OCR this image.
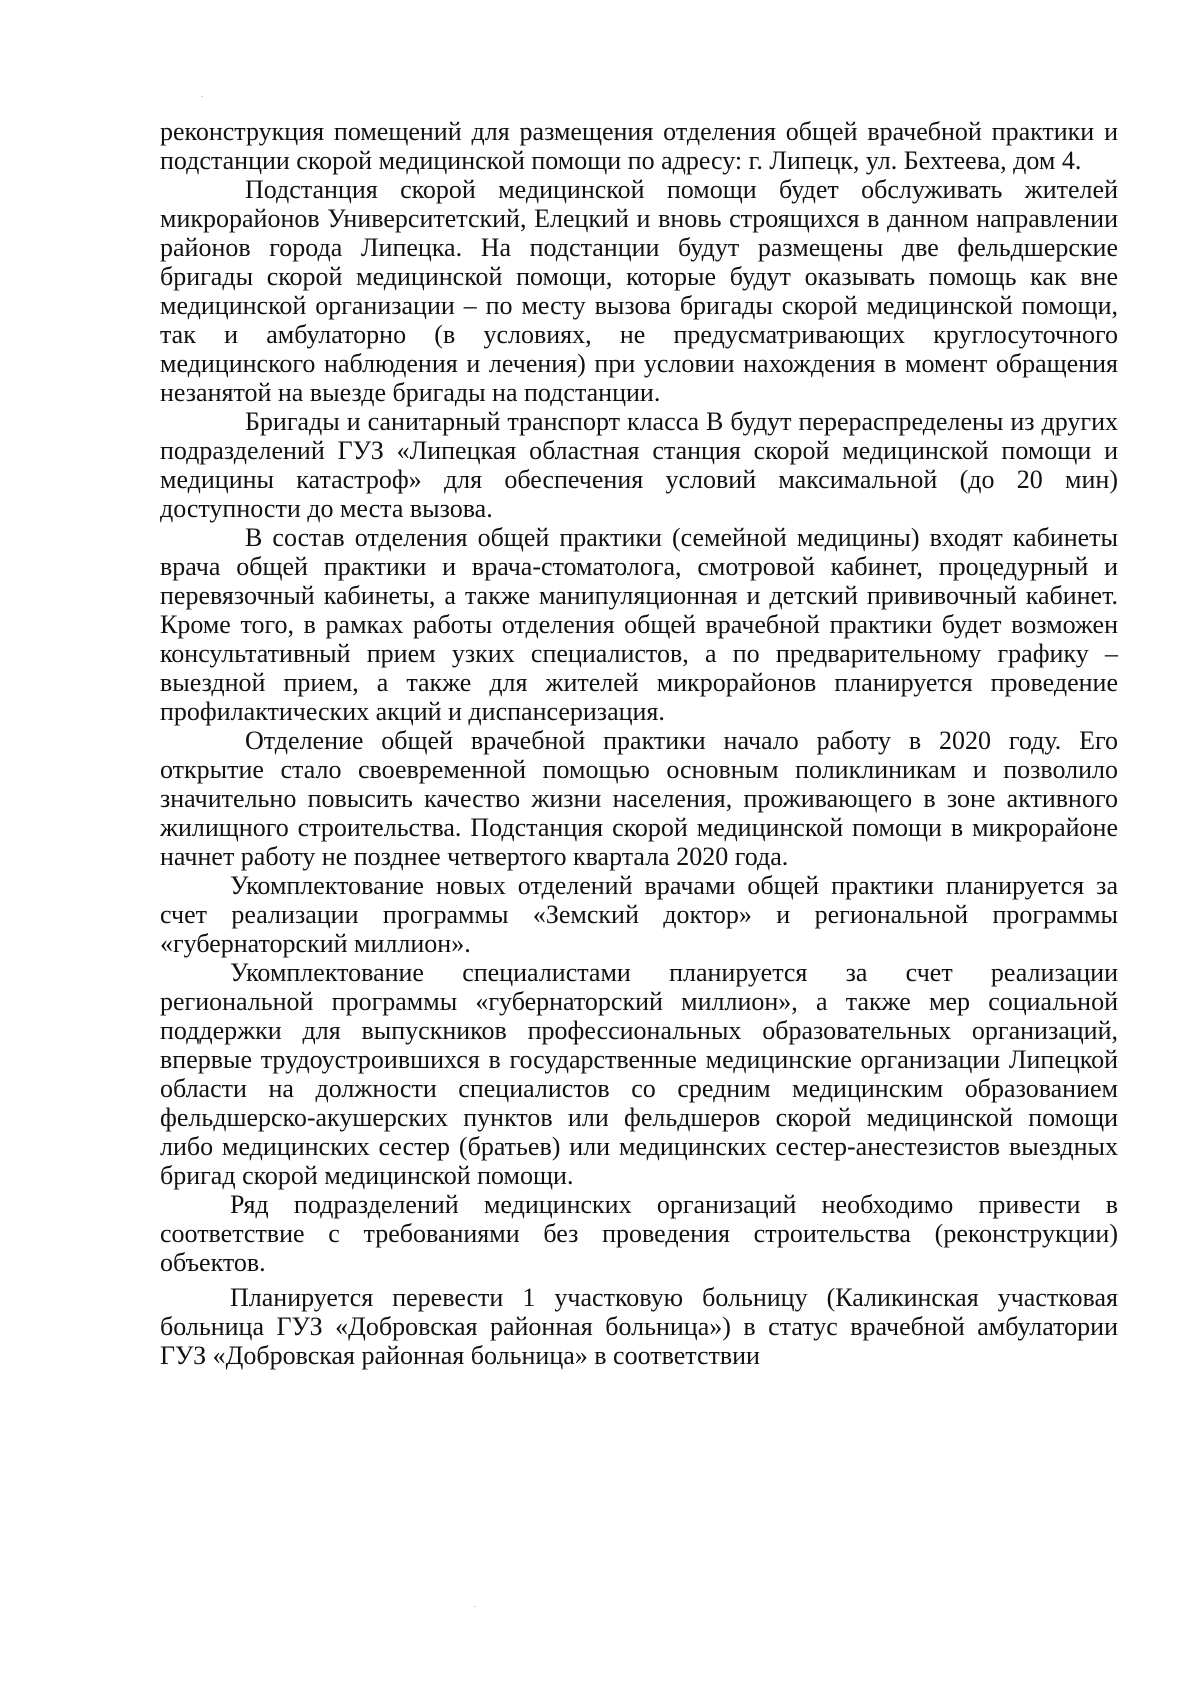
реконструкция помещений для размещения отделения общей врачебной практики и подстанции скорой медицинской помощи по адресу: г. Липецк, ул. Бехтеева, дом 4.

Подстанция скорой медицинской помощи будет обслуживать жителей микрорайонов Университетский, Елецкий и вновь строящихся в данном направлении районов города Липецка. На подстанции будут размещены две фельдшерские бригады скорой медицинской помощи, которые будут оказывать помощь как вне медицинской организации – по месту вызова бригады скорой медицинской помощи, так и амбулаторно (в условиях, не предусматривающих круглосуточного медицинского наблюдения и лечения) при условии нахождения в момент обращения незанятой на выезде бригады на подстанции.

Бригады и санитарный транспорт класса В будут перераспределены из других подразделений ГУЗ «Липецкая областная станция скорой медицинской помощи и медицины катастроф» для обеспечения условий максимальной (до 20 мин) доступности до места вызова.

В состав отделения общей практики (семейной медицины) входят кабинеты врача общей практики и врача-стоматолога, смотровой кабинет, процедурный и перевязочный кабинеты, а также манипуляционная и детский прививочный кабинет. Кроме того, в рамках работы отделения общей врачебной практики будет возможен консультативный прием узких специалистов, а по предварительному графику – выездной прием, а также для жителей микрорайонов планируется проведение профилактических акций и диспансеризация.

Отделение общей врачебной практики начало работу в 2020 году. Его открытие стало своевременной помощью основным поликлиникам и позволило значительно повысить качество жизни населения, проживающего в зоне активного жилищного строительства. Подстанция скорой медицинской помощи в микрорайоне начнет работу не позднее четвертого квартала 2020 года.

Укомплектование новых отделений врачами общей практики планируется за счет реализации программы «Земский доктор» и региональной программы «губернаторский миллион».

Укомплектование специалистами планируется за счет реализации региональной программы «губернаторский миллион», а также мер социальной поддержки для выпускников профессиональных образовательных организаций, впервые трудоустроившихся в государственные медицинские организации Липецкой области на должности специалистов со средним медицинским образованием фельдшерско-акушерских пунктов или фельдшеров скорой медицинской помощи либо медицинских сестер (братьев) или медицинских сестер-анестезистов выездных бригад скорой медицинской помощи.

Ряд подразделений медицинских организаций необходимо привести в соответствие с требованиями без проведения строительства (реконструкции) объектов.

Планируется перевести 1 участковую больницу (Каликинская участковая больница ГУЗ «Добровская районная больница») в статус врачебной амбулатории ГУЗ «Добровская районная больница» в соответствии
